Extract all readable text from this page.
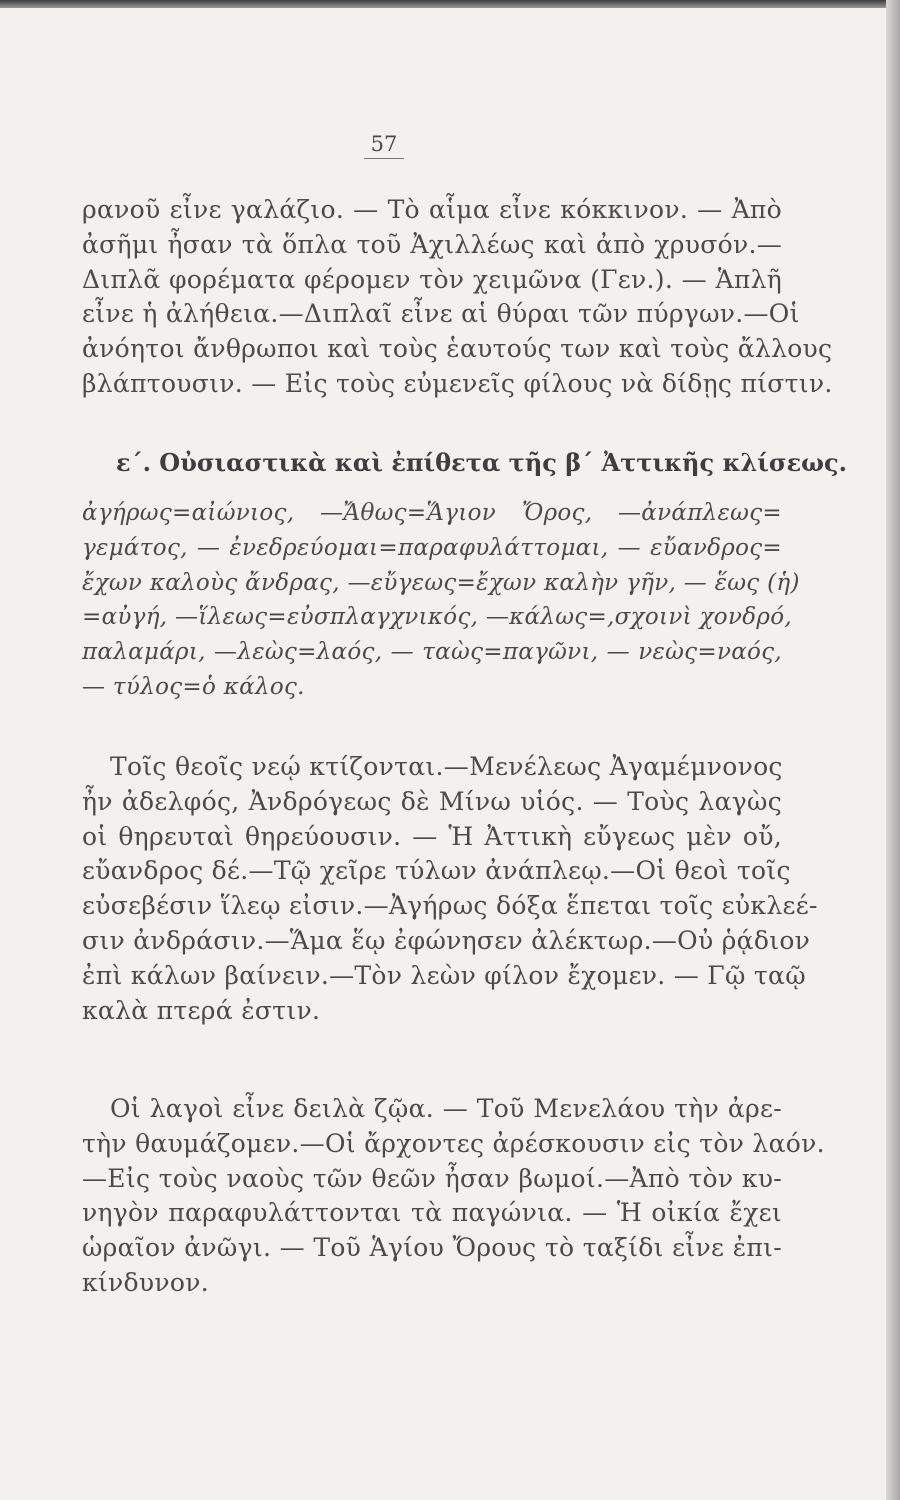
57
ρανοῦ εἶνε γαλάζιο. — Τὸ αἷμα εἶνε κόκκινον. — Ἀπὸ
ἀσῆμι ἦσαν τὰ ὅπλα τοῦ Ἀχιλλέως καὶ ἀπὸ χρυσόν.—
Διπλᾶ φορέματα φέρομεν τὸν χειμῶνα (Γεν.). — Ἁπλῆ
εἶνε ἡ ἀλήθεια.—Διπλαῖ εἶνε αἱ θύραι τῶν πύργων.—Οἱ
ἀνόητοι ἄνθρωποι καὶ τοὺς ἑαυτούς των καὶ τοὺς ἄλλους
βλάπτουσιν. — Εἰς τοὺς εὐμενεῖς φίλους νὰ δίδῃς πίστιν.
ε΄. Οὐσιαστικὰ καὶ ἐπίθετα τῆς β΄ Ἀττικῆς κλίσεως.
ἀγήρως=αἰώνιος, —Ἄθως=Ἅγιον Ὄρος, —ἀνάπλεως=
γεμάτος, — ἐνεδρεύομαι=παραφυλάττομαι, — εὔανδρος=
ἔχων καλοὺς ἄνδρας, —εὔγεως=ἔχων καλὴν γῆν, — ἕως (ἡ)
=αὐγή, —ἵλεως=εὐσπλαγχνικός, —κάλως=,σχοινὶ χονδρό,
παλαμάρι, —λεὼς=λαός, — ταὼς=παγῶνι, — νεὼς=ναός,
— τύλος=ὁ κάλος.
Τοῖς θεοῖς νεῴ κτίζονται.—Μενέλεως Ἀγαμέμνονος
ἦν ἀδελφός, Ἀνδρόγεως δὲ Μίνω υἱός. — Τοὺς λαγὼς
οἱ θηρευταὶ θηρεύουσιν. — Ἡ Ἀττικὴ εὔγεως μὲν οὔ,
εὔανδρος δέ.—Τῷ χεῖρε τύλων ἀνάπλεῳ.—Οἱ θεοὶ τοῖς
εὐσεβέσιν ἵλεῳ εἰσιν.—Ἀγήρως δόξα ἕπεται τοῖς εὐκλεέ-
σιν ἀνδράσιν.—Ἅμα ἕῳ ἐφώνησεν ἀλέκτωρ.—Οὐ ῥᾴδιον
ἐπὶ κάλων βαίνειν.—Τὸν λεὼν φίλον ἔχομεν. — Γῷ ταῷ
καλὰ πτερά ἐστιν.
Οἱ λαγοὶ εἶνε δειλὰ ζῷα. — Τοῦ Μενελάου τὴν ἀρε-
τὴν θαυμάζομεν.—Οἱ ἄρχοντες ἀρέσκουσιν εἰς τὸν λαόν.
—Εἰς τοὺς ναοὺς τῶν θεῶν ἦσαν βωμοί.—Ἀπὸ τὸν κυ-
νηγὸν παραφυλάττονται τὰ παγώνια. — Ἡ οἰκία ἔχει
ὡραῖον ἀνῶγι. — Τοῦ Ἁγίου Ὄρους τὸ ταξίδι εἶνε ἐπι-
κίνδυνον.
